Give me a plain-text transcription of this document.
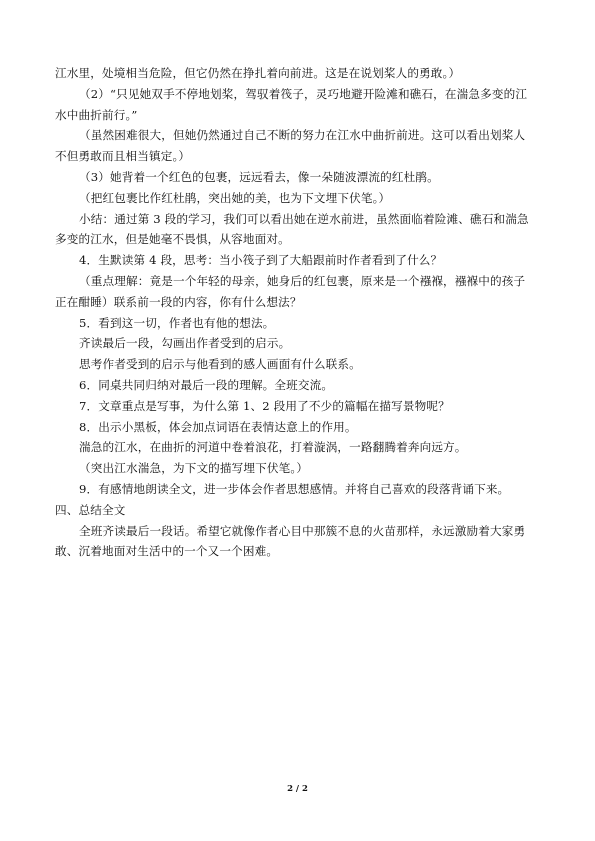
江水里，处境相当危险，但它仍然在挣扎着向前进。这是在说划桨人的勇敢。）
（2）“只见她双手不停地划桨，驾驭着筏子，灵巧地避开险滩和礁石，在湍急多变的江
水中曲折前行。”
（虽然困难很大，但她仍然通过自己不断的努力在江水中曲折前进。这可以看出划桨人
不但勇敢而且相当镇定。）
（3）她背着一个红色的包裹，远远看去，像一朵随波漂流的红杜鹃。
（把红包裹比作红杜鹃，突出她的美，也为下文埋下伏笔。）
小结：通过第 3 段的学习，我们可以看出她在逆水前进，虽然面临着险滩、礁石和湍急
多变的江水，但是她毫不畏惧，从容地面对。
4．生默读第 4 段，思考：当小筏子到了大船跟前时作者看到了什么？
（重点理解：竟是一个年轻的母亲，她身后的红包裹，原来是一个襁褓，襁褓中的孩子
正在酣睡）联系前一段的内容，你有什么想法？
5．看到这一切，作者也有他的想法。
齐读最后一段，勾画出作者受到的启示。
思考作者受到的启示与他看到的感人画面有什么联系。
6．同桌共同归纳对最后一段的理解。全班交流。
7．文章重点是写事，为什么第 1、2 段用了不少的篇幅在描写景物呢？
8．出示小黑板，体会加点词语在表情达意上的作用。
湍急的江水，在曲折的河道中卷着浪花，打着漩涡，一路翻腾着奔向远方。
（突出江水湍急，为下文的描写埋下伏笔。）
9．有感情地朗读全文，进一步体会作者思想感情。并将自己喜欢的段落背诵下来。
四、总结全文
全班齐读最后一段话。希望它就像作者心目中那簇不息的火苗那样，永远激励着大家勇
敢、沉着地面对生活中的一个又一个困难。
2 / 2
